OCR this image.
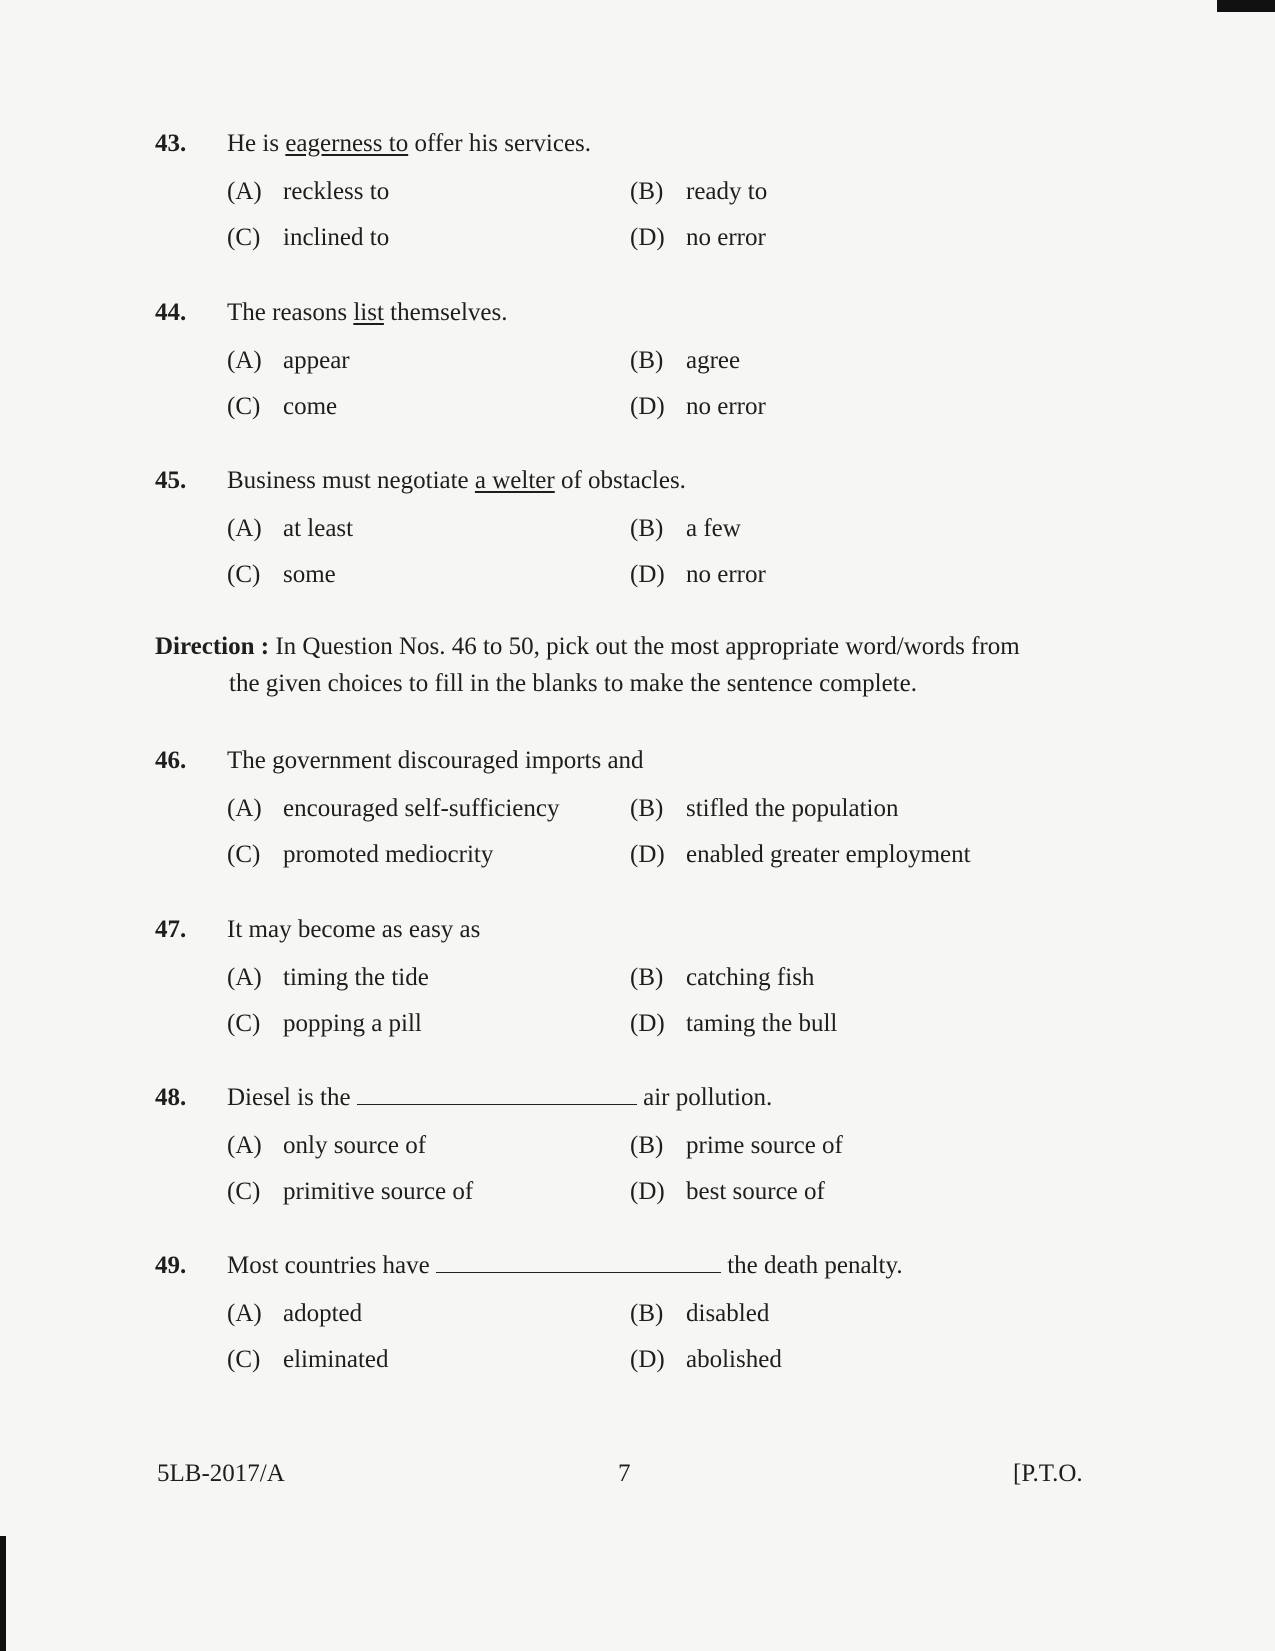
43. He is eagerness to offer his services.
(A) reckless to	(B) ready to
(C) inclined to	(D) no error
44. The reasons list themselves.
(A) appear	(B) agree
(C) come	(D) no error
45. Business must negotiate a welter of obstacles.
(A) at least	(B) a few
(C) some	(D) no error
Direction : In Question Nos. 46 to 50, pick out the most appropriate word/words from
the given choices to fill in the blanks to make the sentence complete.
46. The government discouraged imports and
(A) encouraged self-sufficiency	(B) stifled the population
(C) promoted mediocrity	(D) enabled greater employment
47. It may become as easy as
(A) timing the tide	(B) catching fish
(C) popping a pill	(D) taming the bull
48. Diesel is the	air pollution.
(A) only source of	(B) prime source of
(C) primitive source of	(D) best source of
49. Most countries have	the death penalty.
(A) adopted	(B) disabled
(C) eliminated	(D) abolished
5LB-2017/A	7	[P.T.O.
